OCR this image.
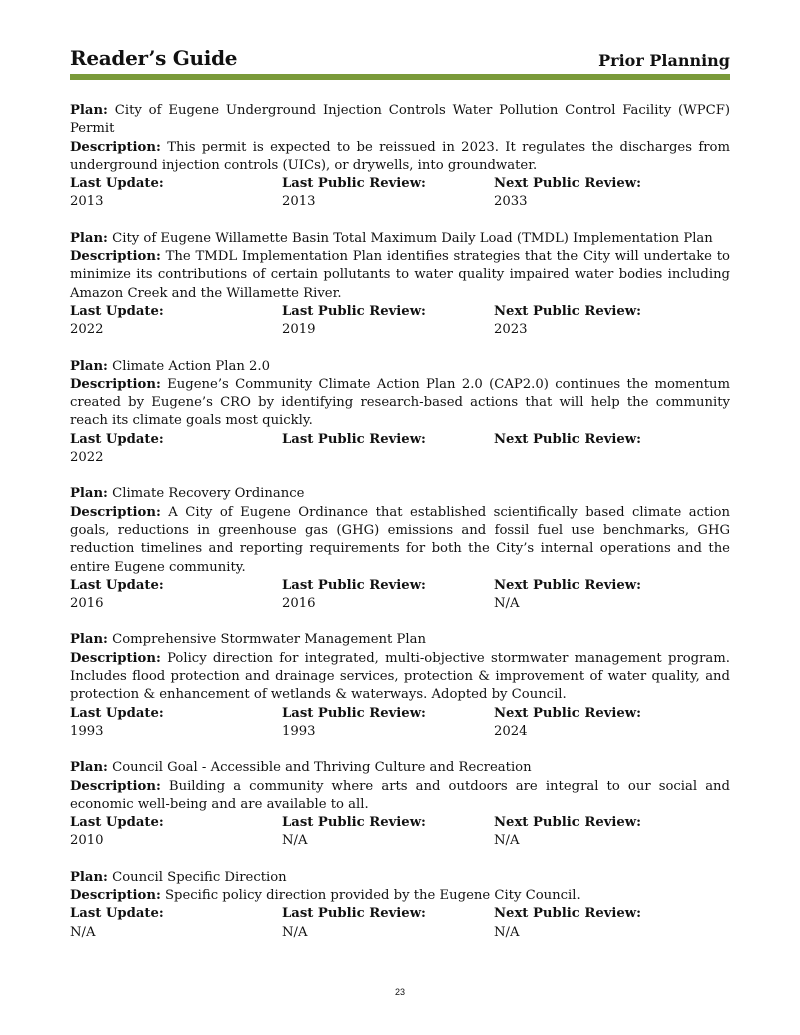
Reader’s Guide	Prior Planning

Plan: City of Eugene Underground Injection Controls Water Pollution Control Facility (WPCF) Permit

Description: This permit is expected to be reissued in 2023. It regulates the discharges from underground injection controls (UICs), or drywells, into groundwater.

Last Update:	Last Public Review:	Next Public Review:
2013	2013	2033

Plan: City of Eugene Willamette Basin Total Maximum Daily Load (TMDL) Implementation Plan

Description: The TMDL Implementation Plan identifies strategies that the City will undertake to minimize its contributions of certain pollutants to water quality impaired water bodies including Amazon Creek and the Willamette River.

Last Update:	Last Public Review:	Next Public Review:
2022	2019	2023

Plan: Climate Action Plan 2.0

Description: Eugene’s Community Climate Action Plan 2.0 (CAP2.0) continues the momentum created by Eugene’s CRO by identifying research-based actions that will help the community reach its climate goals most quickly.

Last Update:	Last Public Review:	Next Public Review:
2022

Plan: Climate Recovery Ordinance

Description: A City of Eugene Ordinance that established scientifically based climate action goals, reductions in greenhouse gas (GHG) emissions and fossil fuel use benchmarks, GHG reduction timelines and reporting requirements for both the City’s internal operations and the entire Eugene community.

Last Update:	Last Public Review:	Next Public Review:
2016	2016	N/A

Plan: Comprehensive Stormwater Management Plan

Description: Policy direction for integrated, multi-objective stormwater management program. Includes flood protection and drainage services, protection & improvement of water quality, and protection & enhancement of wetlands & waterways. Adopted by Council.

Last Update:	Last Public Review:	Next Public Review:
1993	1993	2024

Plan: Council Goal - Accessible and Thriving Culture and Recreation

Description: Building a community where arts and outdoors are integral to our social and economic well-being and are available to all.

Last Update:	Last Public Review:	Next Public Review:
2010	N/A	N/A

Plan: Council Specific Direction

Description: Specific policy direction provided by the Eugene City Council.

Last Update:	Last Public Review:	Next Public Review:
N/A	N/A	N/A
23
